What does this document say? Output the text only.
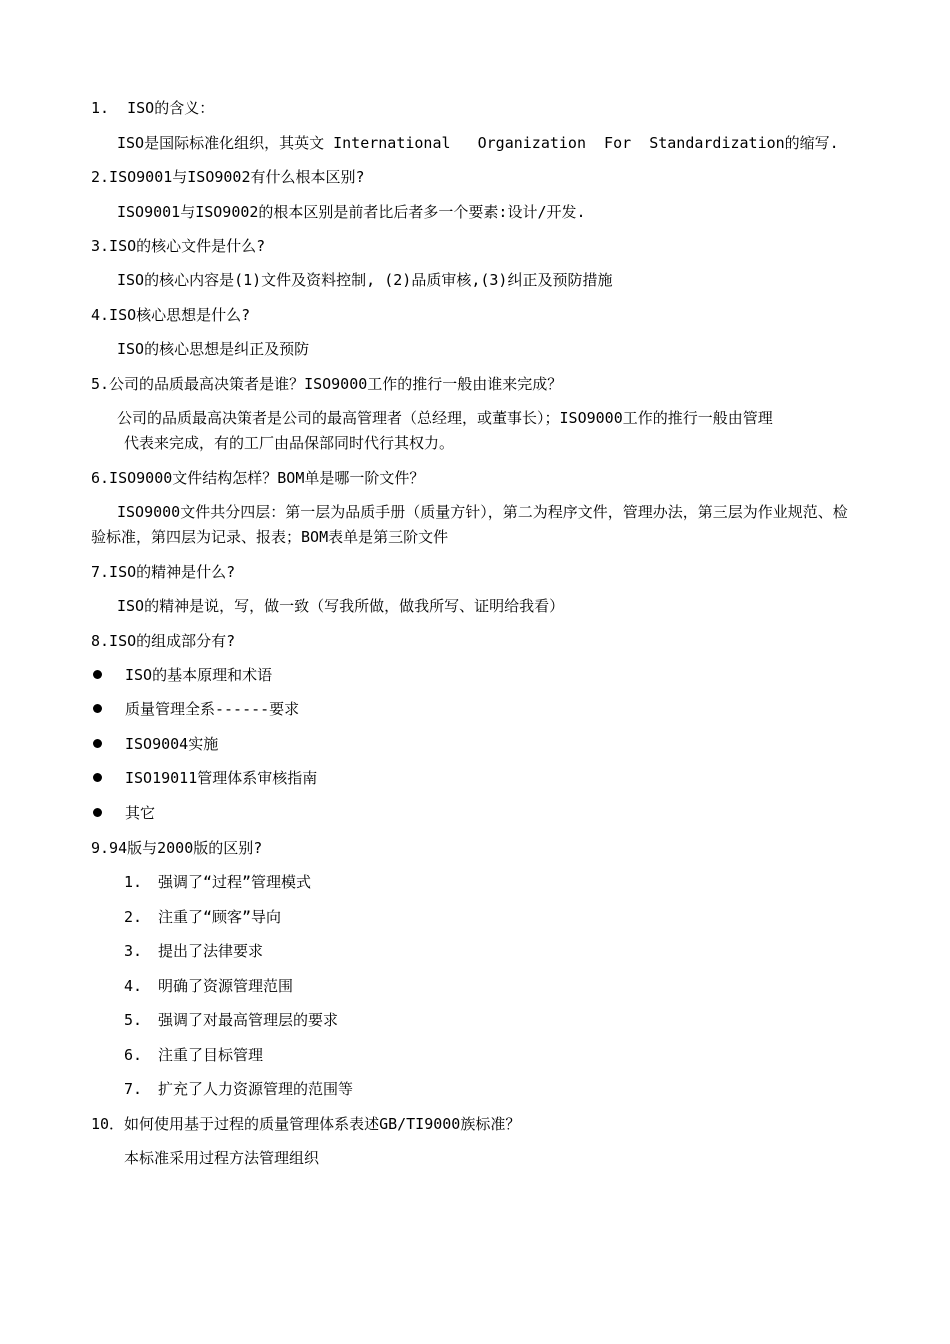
1.  ISO的含义：
ISO是国际标准化组织，其英文 International   Organization  For  Standardization的缩写.
2.ISO9001与ISO9002有什么根本区别?
ISO9001与ISO9002的根本区别是前者比后者多一个要素:设计/开发.
3.ISO的核心文件是什么?
ISO的核心内容是(1)文件及资料控制, (2)品质审核,(3)纠正及预防措施
4.ISO核心思想是什么?
ISO的核心思想是纠正及预防
5.公司的品质最高决策者是谁？ISO9000工作的推行一般由谁来完成？
公司的品质最高决策者是公司的最高管理者（总经理，或董事长）；ISO9000工作的推行一般由管理
代表来完成，有的工厂由品保部同时代行其权力。
6.ISO9000文件结构怎样？BOM单是哪一阶文件？
ISO9000文件共分四层：第一层为品质手册（质量方针），第二为程序文件，管理办法，第三层为作业规范、检验标准，第四层为记录、报表；BOM表单是第三阶文件
7.ISO的精神是什么?
ISO的精神是说，写，做一致（写我所做，做我所写、证明给我看）
8.ISO的组成部分有?
ISO的基本原理和术语
质量管理全系------要求
ISO9004实施
ISO19011管理体系审核指南
其它
9.94版与2000版的区别?
1. 强调了“过程”管理模式
2. 注重了“顾客”导向
3. 提出了法律要求
4. 明确了资源管理范围
5. 强调了对最高管理层的要求
6. 注重了目标管理
7. 扩充了人力资源管理的范围等
10．如何使用基于过程的质量管理体系表述GB/TI9000族标准？
本标准采用过程方法管理组织
